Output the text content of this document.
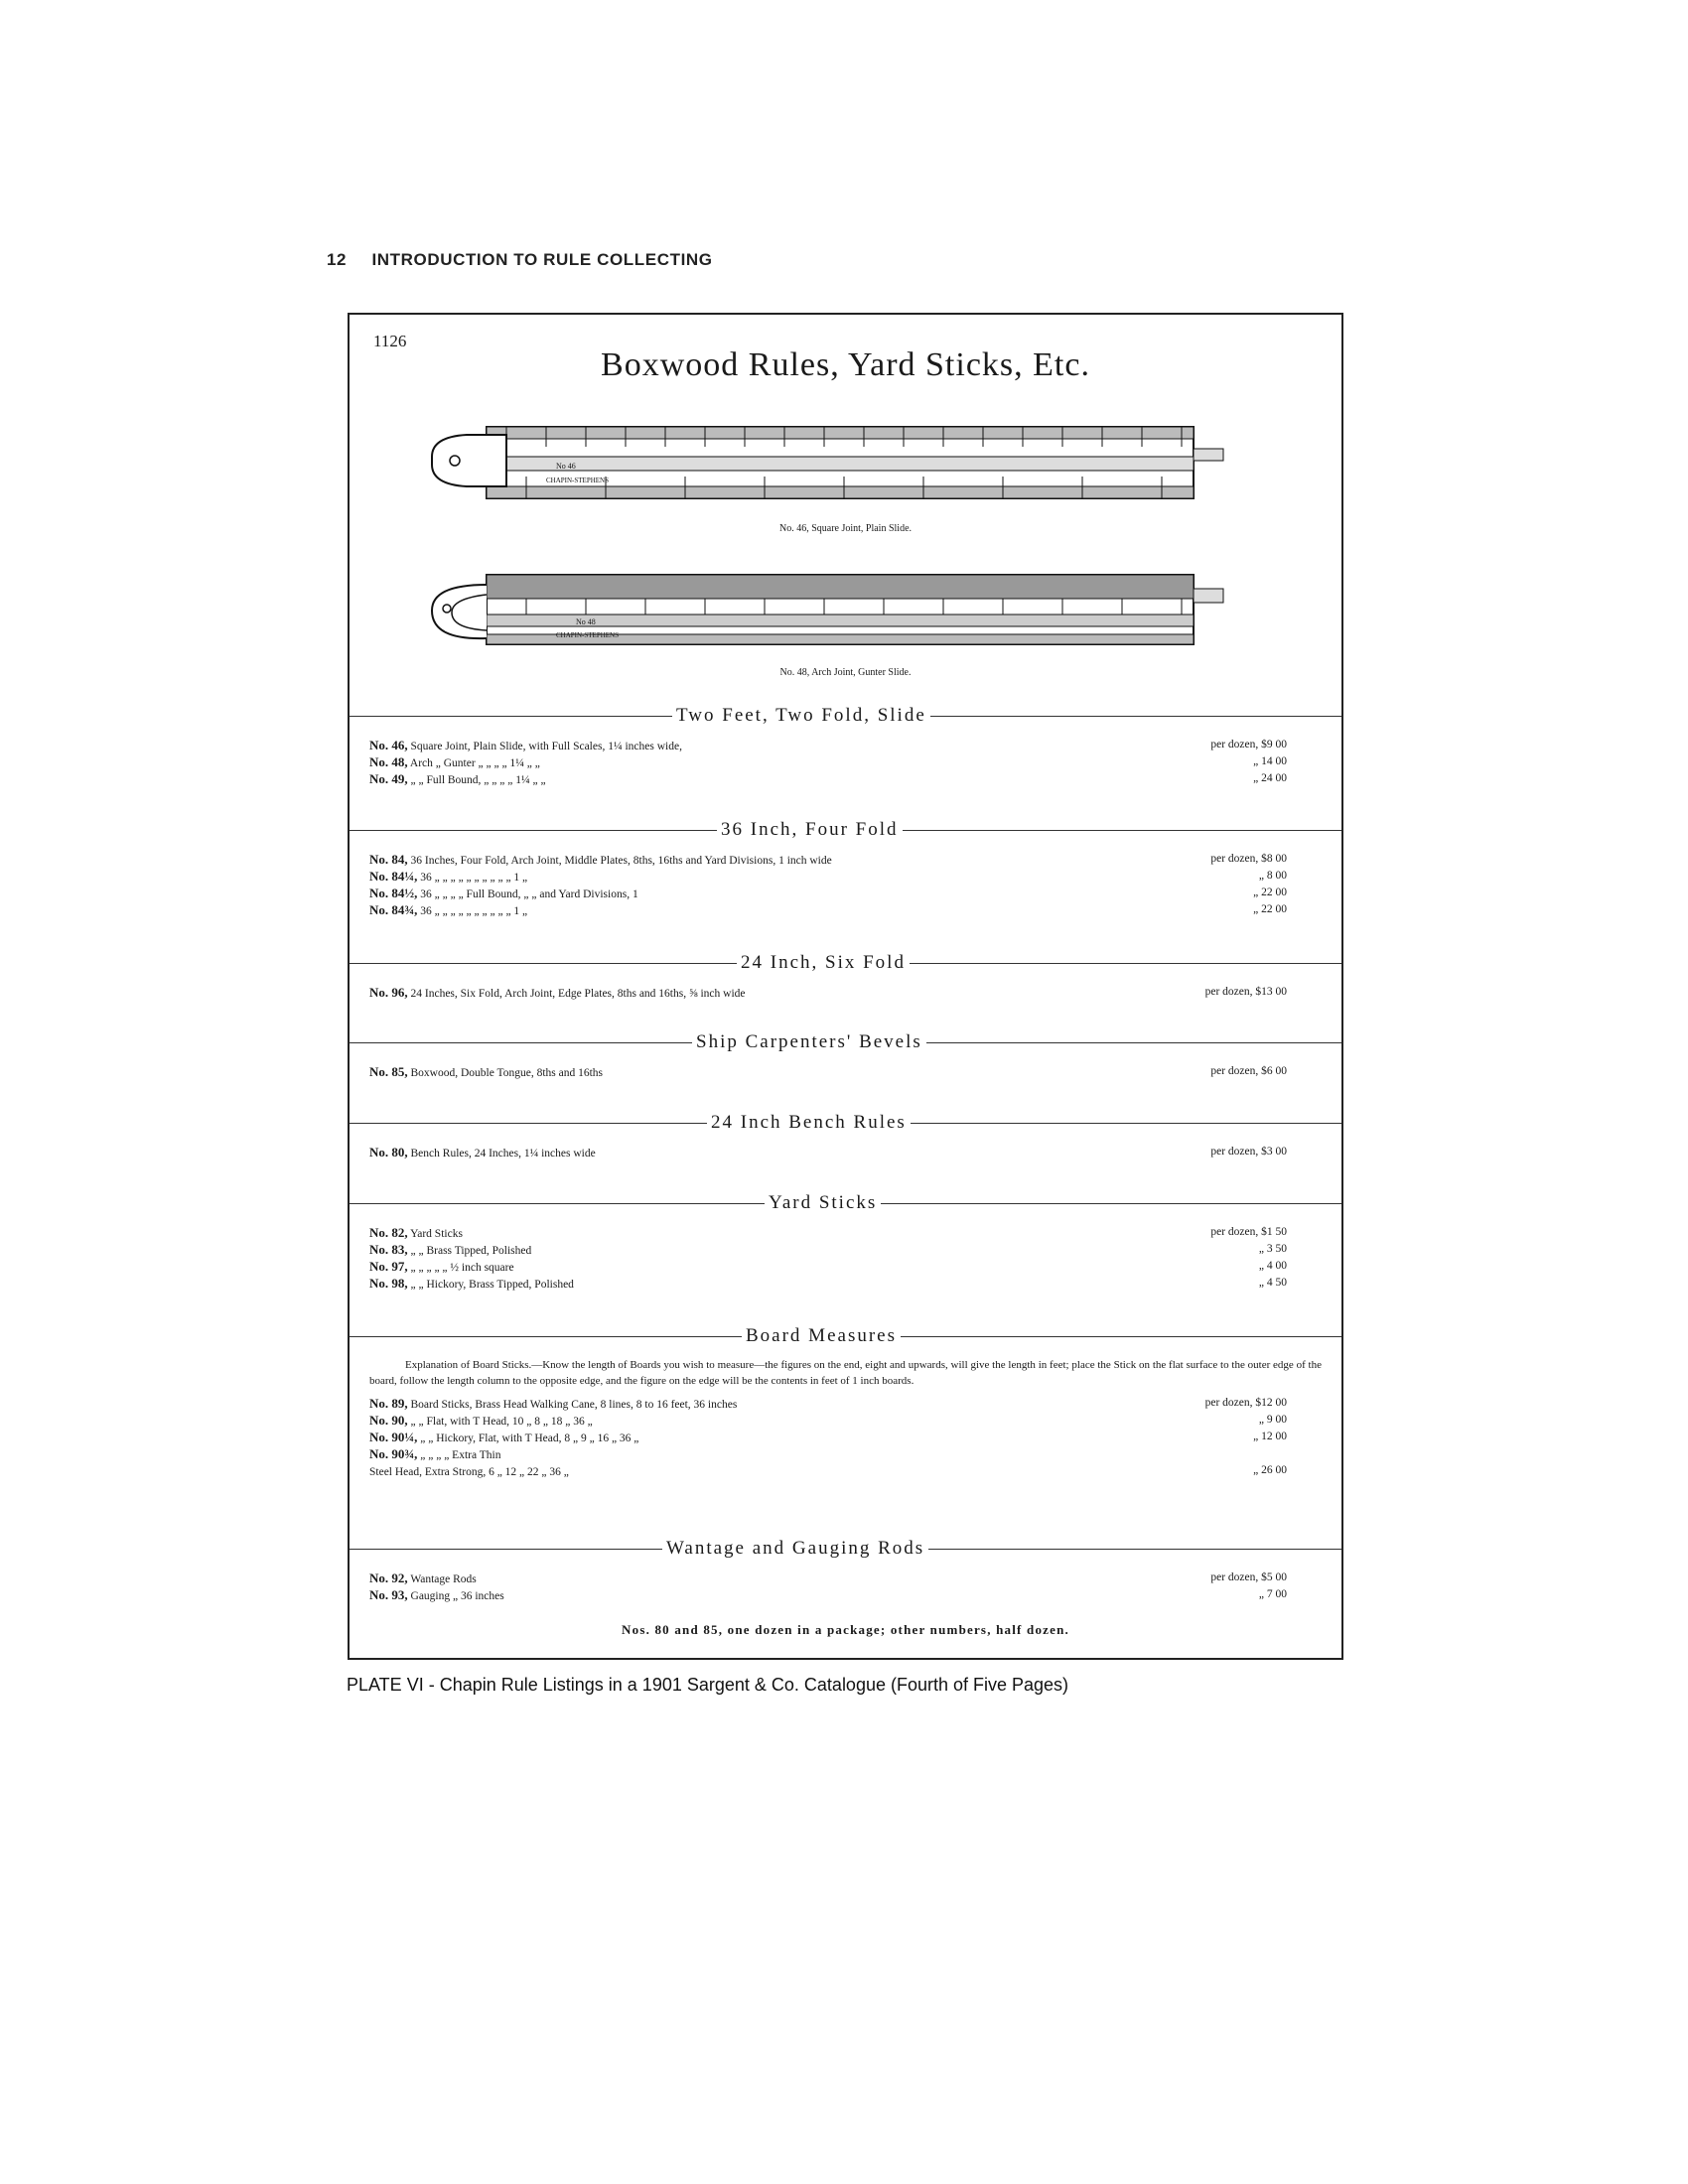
12 INTRODUCTION TO RULE COLLECTING
1126
Boxwood Rules, Yard Sticks, Etc.
No 46
CHAPIN-STEPHENS
No. 46, Square Joint, Plain Slide.
No 48
CHAPIN-STEPHENS
No. 48, Arch Joint, Gunter Slide.
Two Feet, Two Fold, Slide
No. 46, Square Joint, Plain Slide, with Full Scales, 1¼ inches wide,	per dozen, $9 00
No. 48, Arch „ Gunter „ „ „ „ 1¼ „ „	„ 14 00
No. 49, „ „ Full Bound, „ „ „ „ 1¼ „ „	„ 24 00
36 Inch, Four Fold
No. 84, 36 Inches, Four Fold, Arch Joint, Middle Plates, 8ths, 16ths and Yard Divisions, 1 inch wide	per dozen, $8 00
No. 84¼, 36 „ „ „ „ „ „ „ „ „ „ 1 „	„ 8 00
No. 84½, 36 „ „ „ „ Full Bound, „ „ and Yard Divisions, 1	„ 22 00
No. 84¾, 36 „ „ „ „ „ „ „ „ „ „ 1 „	„ 22 00
24 Inch, Six Fold
No. 96, 24 Inches, Six Fold, Arch Joint, Edge Plates, 8ths and 16ths, ⅝ inch wide	per dozen, $13 00
Ship Carpenters' Bevels
No. 85, Boxwood, Double Tongue, 8ths and 16ths	per dozen, $6 00
24 Inch Bench Rules
No. 80, Bench Rules, 24 Inches, 1¼ inches wide	per dozen, $3 00
Yard Sticks
No. 82, Yard Sticks	per dozen, $1 50
No. 83, „ „ Brass Tipped, Polished	„ 3 50
No. 97, „ „ „ „ „ ½ inch square	„ 4 00
No. 98, „ „ Hickory, Brass Tipped, Polished	„ 4 50
Board Measures
Explanation of Board Sticks.—Know the length of Boards you wish to measure—the figures on the end, eight and upwards, will give the length in feet; place the Stick on the flat surface to the outer edge of the board, follow the length column to the opposite edge, and the figure on the edge will be the contents in feet of 1 inch boards.
No. 89, Board Sticks, Brass Head Walking Cane, 8 lines, 8 to 16 feet, 36 inches	per dozen, $12 00
No. 90, „ „ Flat, with T Head, 10 „ 8 „ 18 „ 36 „	„ 9 00
No. 90¼, „ „ Hickory, Flat, with T Head, 8 „ 9 „ 16 „ 36 „	„ 12 00
No. 90¾, „ „ „ „ Extra Thin
Steel Head, Extra Strong, 6 „ 12 „ 22 „ 36 „	„ 26 00
Wantage and Gauging Rods
No. 92, Wantage Rods	per dozen, $5 00
No. 93, Gauging „ 36 inches	„ 7 00
Nos. 80 and 85, one dozen in a package; other numbers, half dozen.
PLATE VI - Chapin Rule Listings in a 1901 Sargent & Co. Catalogue (Fourth of Five Pages)
